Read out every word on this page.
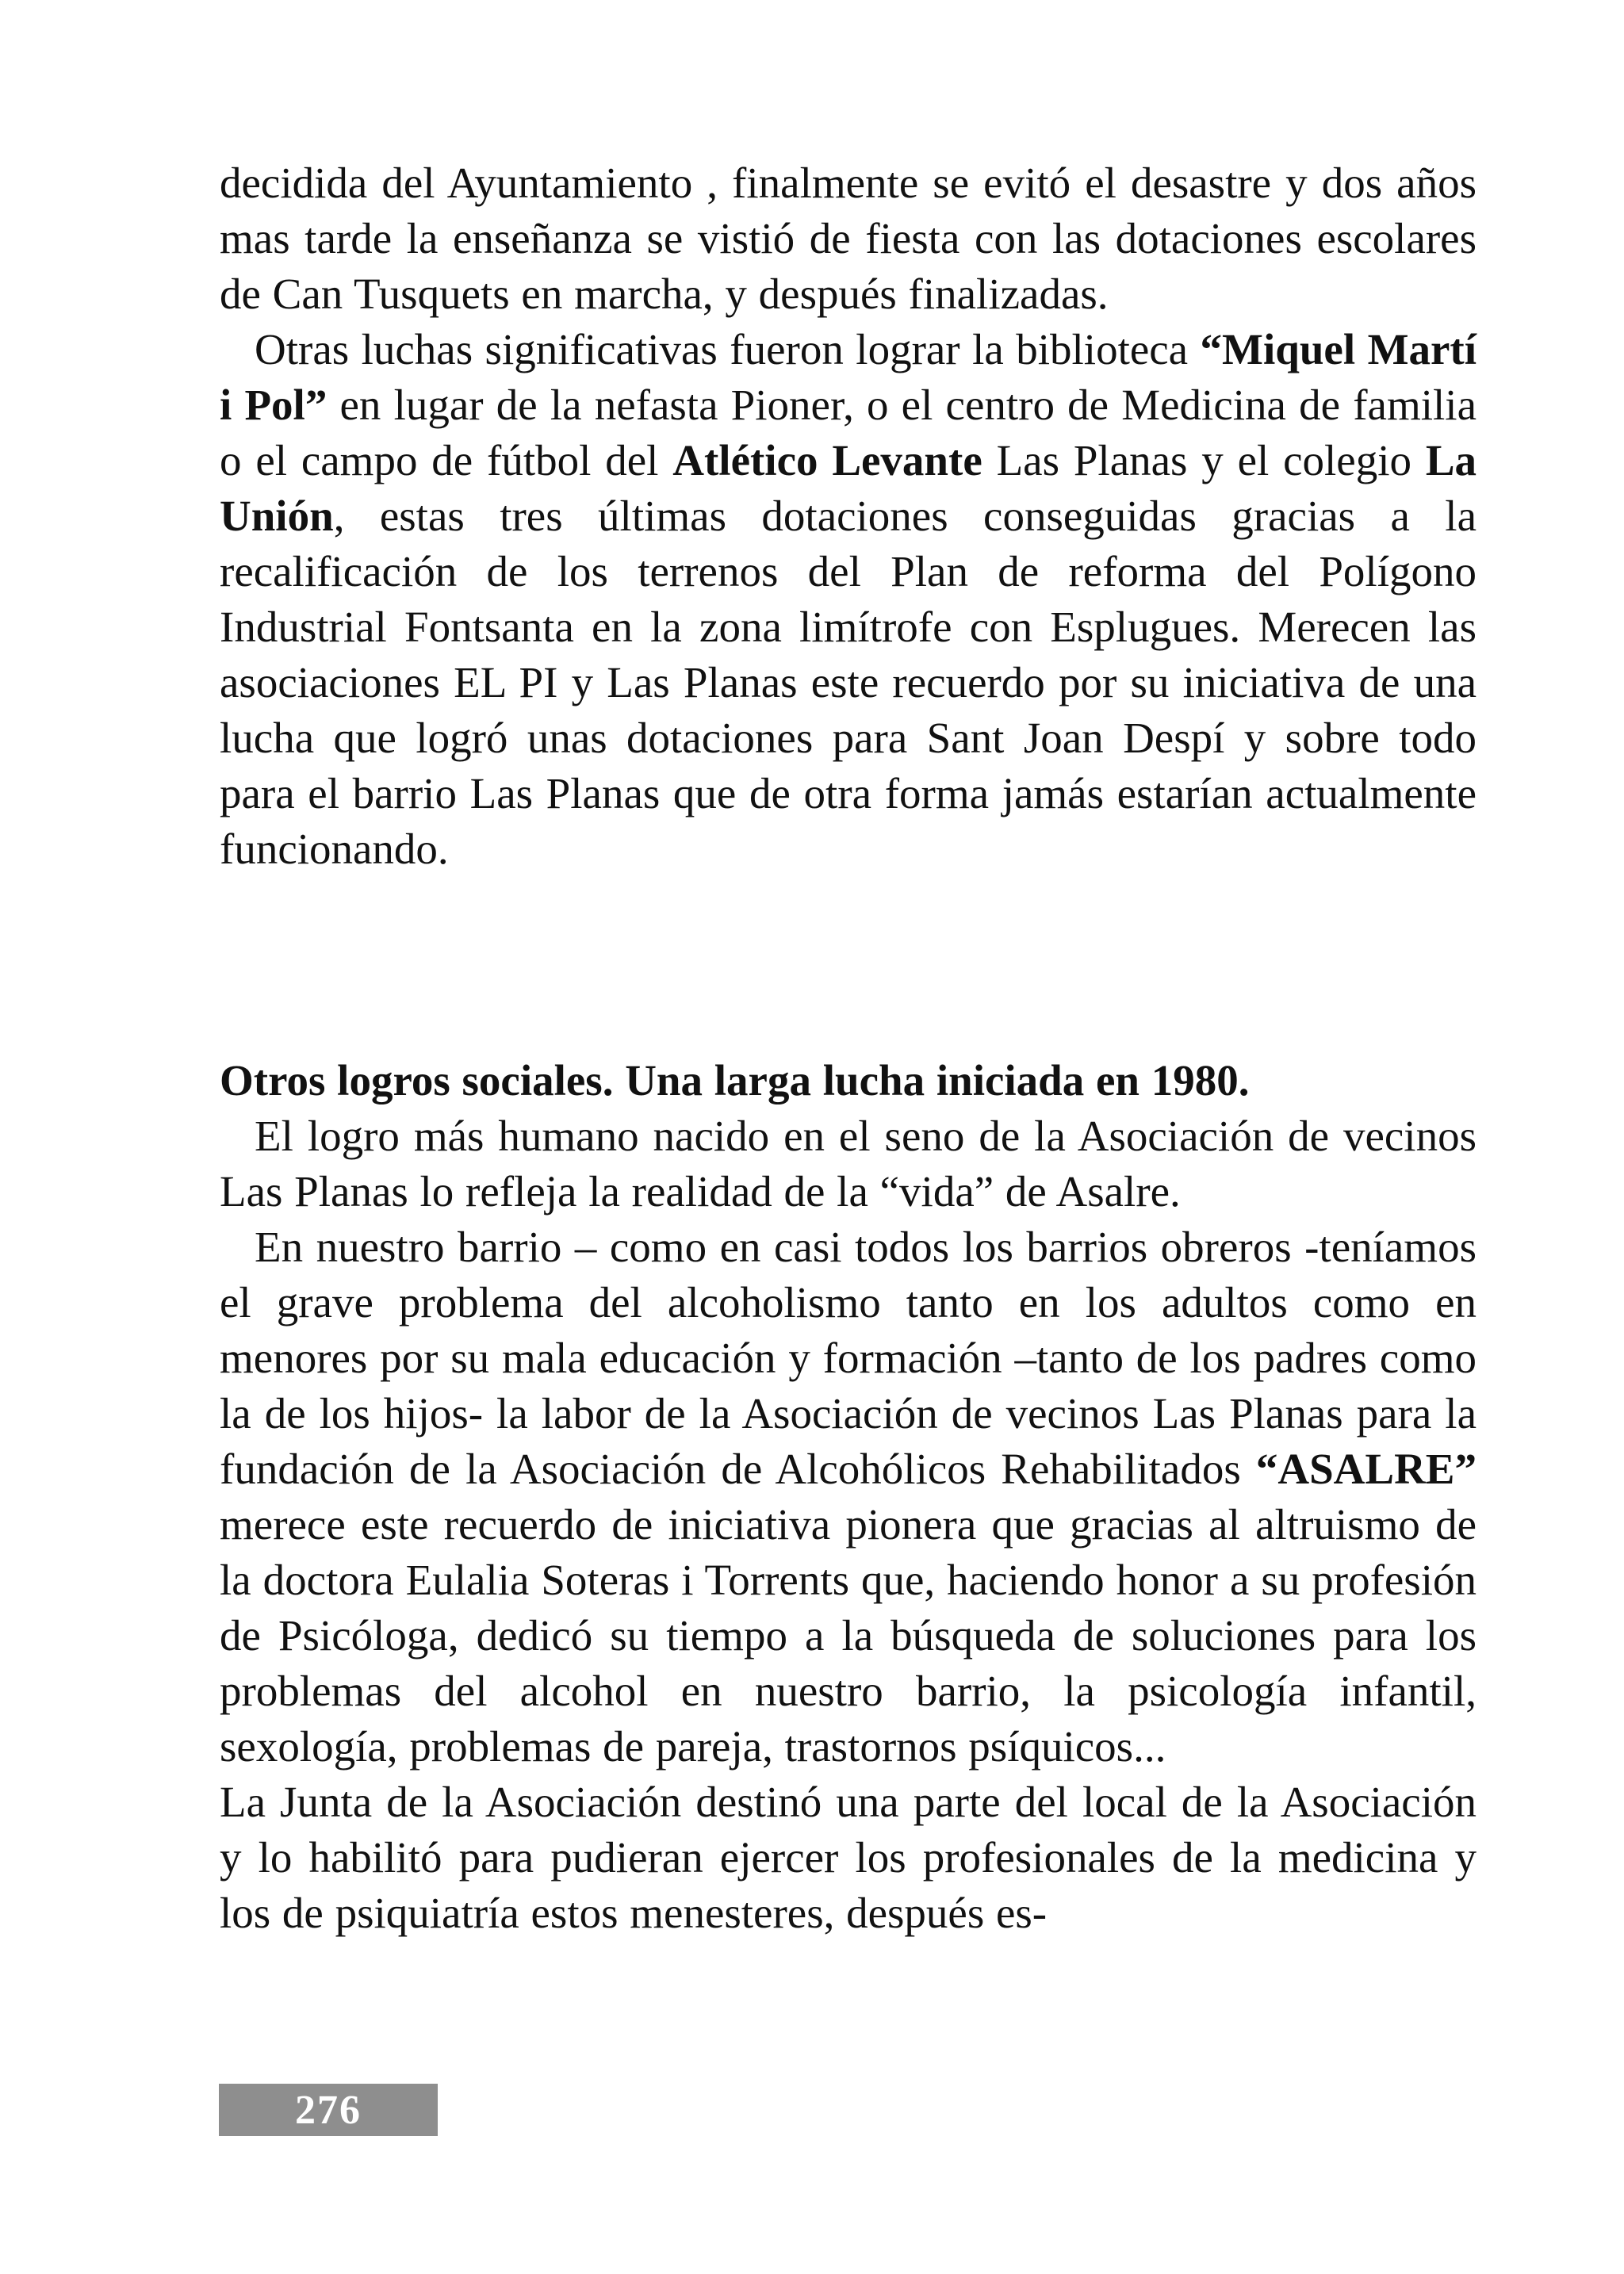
decidida del Ayuntamiento , finalmente se evitó el desastre y dos años mas tarde la enseñanza se vistió de fiesta con las dotaciones escolares de Can Tusquets en marcha, y después finalizadas.

Otras luchas significativas fueron lograr la biblioteca “Miquel Martí i Pol” en lugar de la nefasta Pioner, o el centro de Medicina de familia o el campo de fútbol del Atlético Levante Las Planas y el colegio La Unión, estas tres últimas dotaciones conseguidas gracias a la recalificación de los terrenos del Plan de reforma del Polígono Industrial Fontsanta en la zona limítrofe con Esplugues. Merecen las asociaciones EL PI y Las Planas este recuerdo por su iniciativa de una lucha que logró unas dotaciones para Sant Joan Despí y sobre todo para el barrio Las Planas que de otra forma jamás estarían actualmente funcionando.

Otros logros sociales. Una larga lucha iniciada en 1980.

El logro más humano nacido en el seno de la Asociación de vecinos Las Planas lo refleja la realidad de la “vida” de Asalre.

En nuestro barrio – como en casi todos los barrios obreros -teníamos el grave problema del alcoholismo tanto en los adultos como en menores por su mala educación y formación –tanto de los padres como la de los hijos- la labor de la Asociación de vecinos Las Planas para la fundación de la Asociación de Alcohólicos Rehabilitados “ASALRE” merece este recuerdo de iniciativa pionera que gracias al altruismo de la doctora Eulalia Soteras i Torrents que, haciendo honor a su profesión de Psicóloga, dedicó su tiempo a la búsqueda de soluciones para los problemas del alcohol en nuestro barrio, la psicología infantil, sexología, problemas de pareja, trastornos psíquicos...

La Junta de la Asociación destinó una parte del local de la Asociación y lo habilitó para pudieran ejercer los profesionales de la medicina y los de psiquiatría estos menesteres, después es-

276
